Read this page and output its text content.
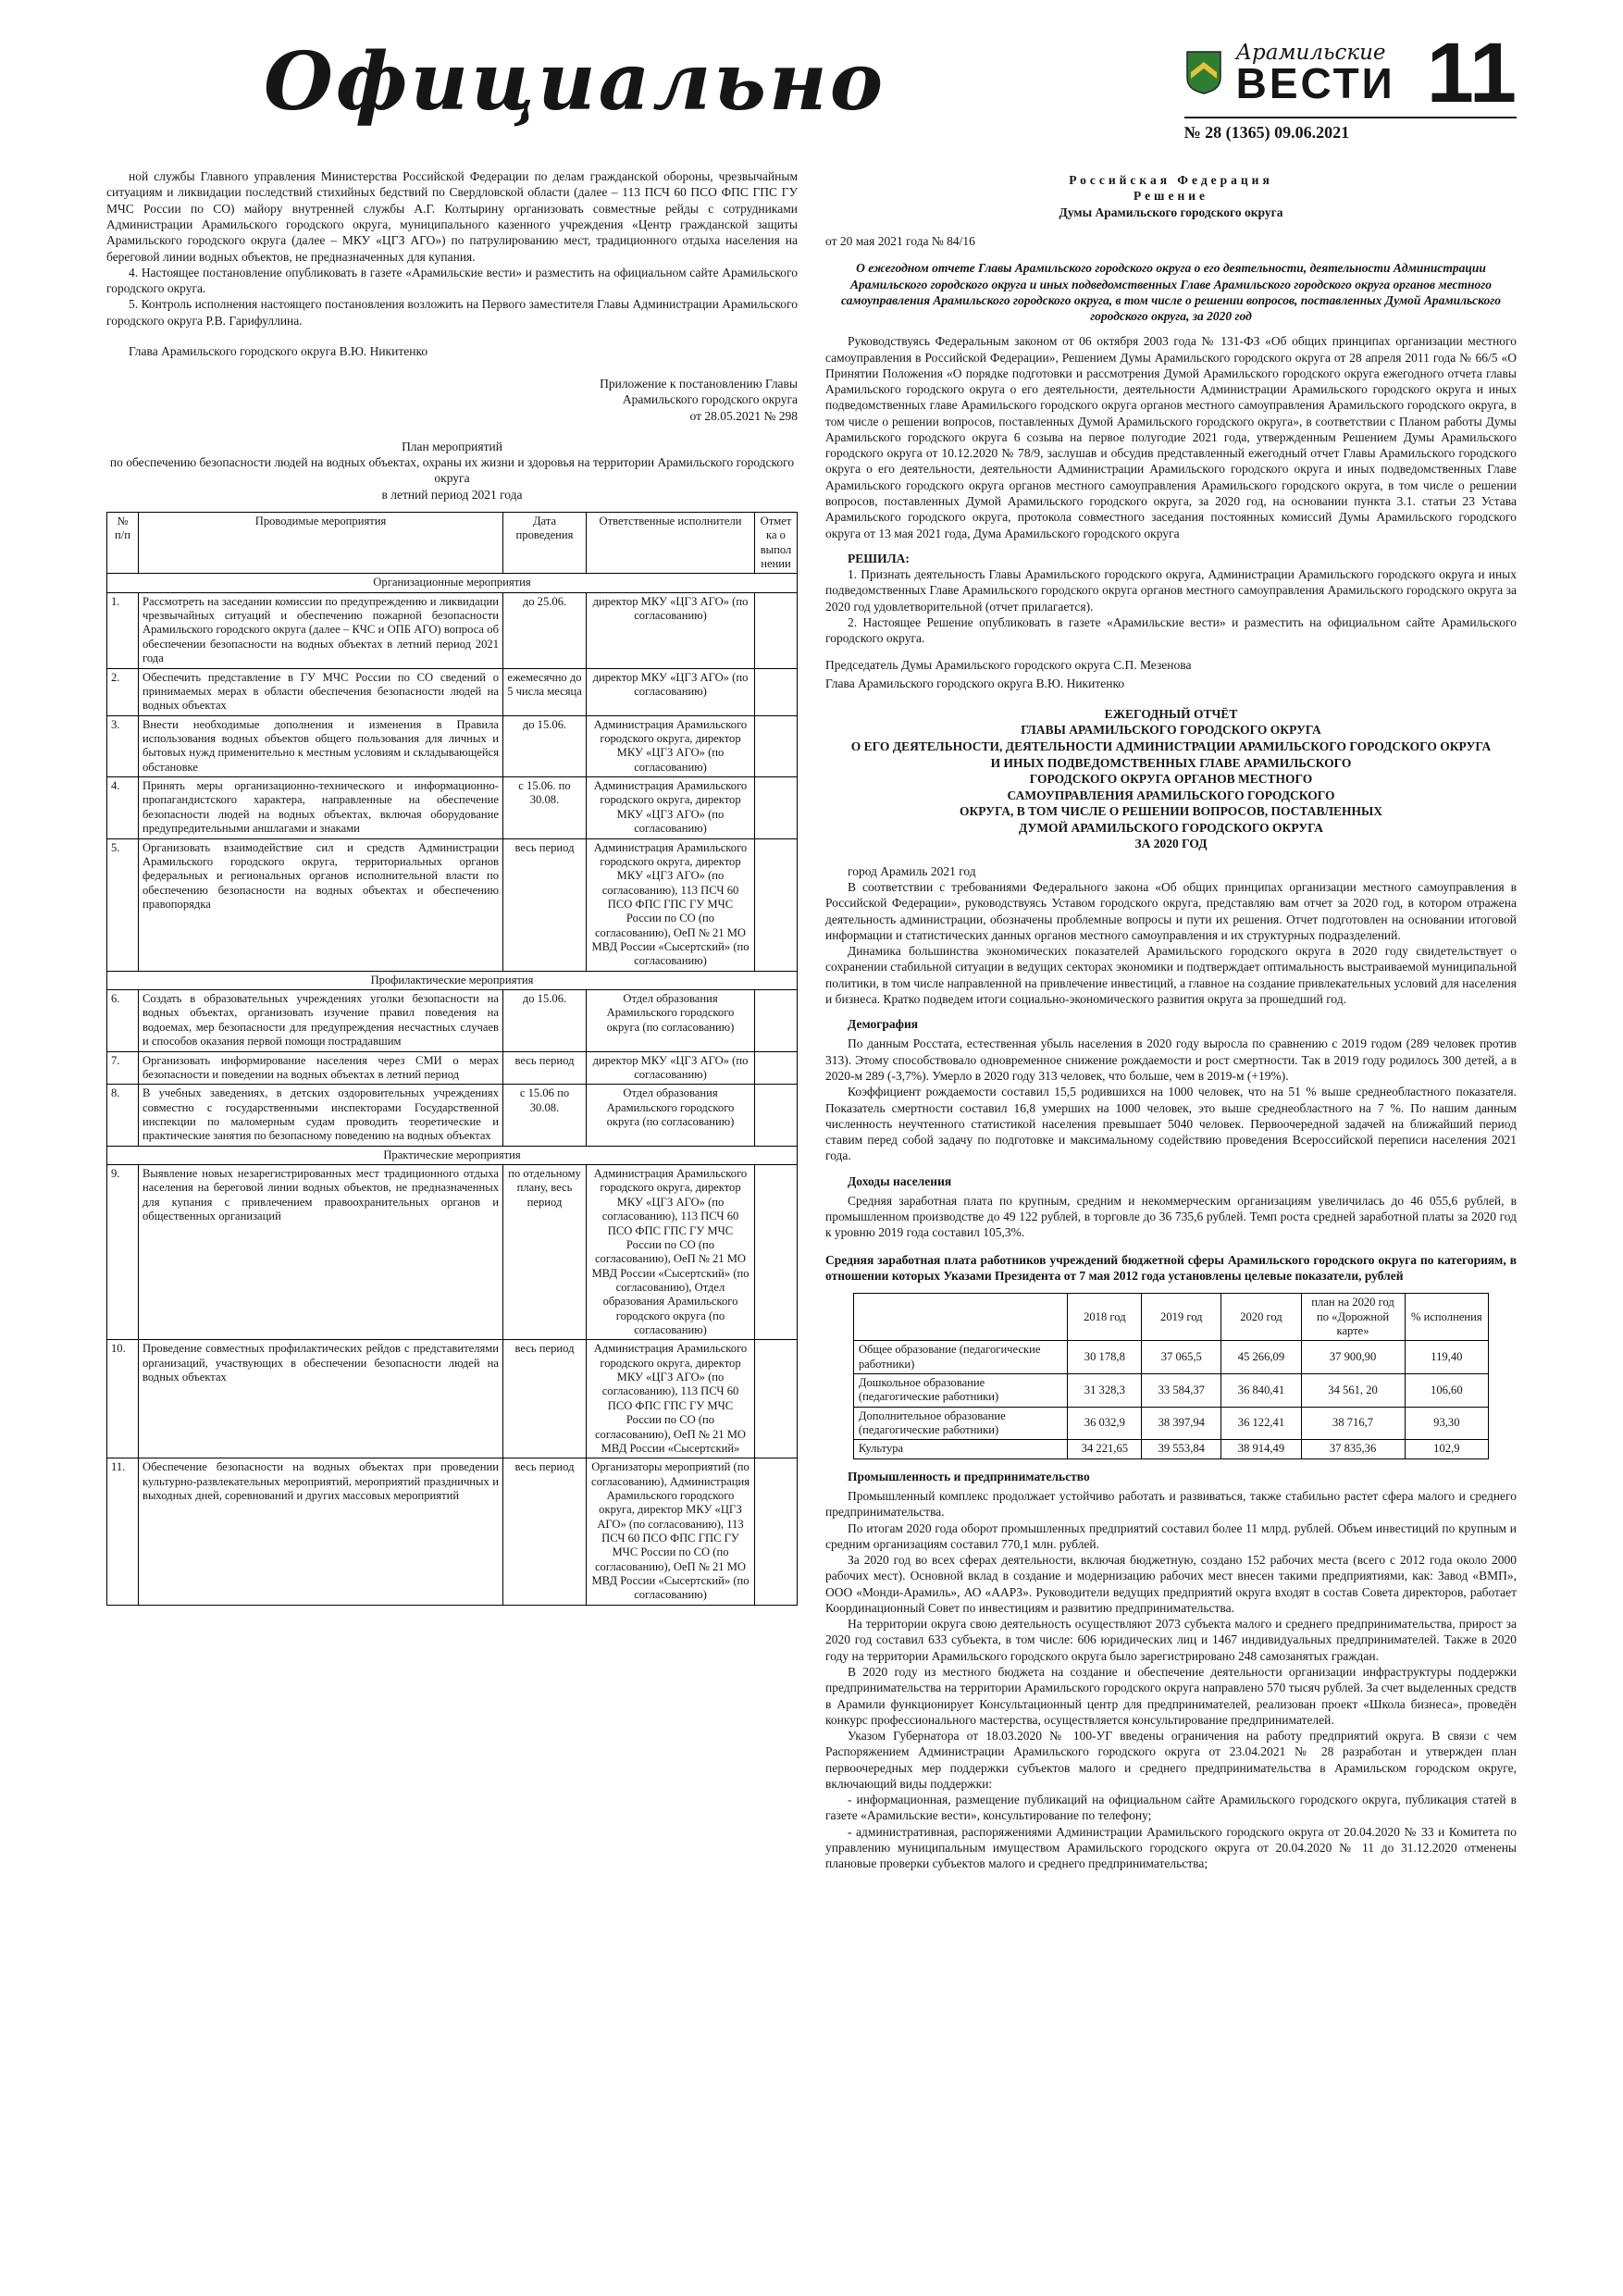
Официально	Арамильские
ВЕСТИ 11
№ 28 (1365) 09.06.2021

ной службы Главного управления Министерства Российской Федерации по делам гражданской обороны, чрезвычайным ситуациям и ликвидации последствий стихийных бедствий по Свердловской области (далее – 113 ПСЧ 60 ПСО ФПС ГПС ГУ МЧС России по СО) майору внутренней службы А.Г. Колтырину организовать совместные рейды с сотрудниками Администрации Арамильского городского округа, муниципального казенного учреждения «Центр гражданской защиты Арамильского городского округа (далее – МКУ «ЦГЗ АГО») по патрулированию мест, традиционного отдыха населения на береговой линии водных объектов, не предназначенных для купания.

4. Настоящее постановление опубликовать в газете «Арамильские вести» и разместить на официальном сайте Арамильского городского округа.

5. Контроль исполнения настоящего постановления возложить на Первого заместителя Главы Администрации Арамильского городского округа Р.В. Гарифуллина.

Глава Арамильского городского округа В.Ю. Никитенко

Приложение к постановлению Главы
Арамильского городского округа
от 28.05.2021 № 298
План мероприятий
по обеспечению безопасности людей на водных объектах, охраны их жизни и здоровья на территории Арамильского городского округа
в летний период 2021 года
№ п/п	Проводимые мероприятия	Дата проведения	Ответственные исполнители	Отметка о выполнении
Организационные мероприятия				
1.	Рассмотреть на заседании комиссии по предупреждению и ликвидации чрезвычайных ситуаций и обеспечению пожарной безопасности Арамильского городского округа (далее – КЧС и ОПБ АГО) вопроса об обеспечении безопасности на водных объектах в летний период 2021 года	до 25.06.	директор МКУ «ЦГЗ АГО» (по согласованию)	
2.	Обеспечить представление в ГУ МЧС России по СО сведений о принимаемых мерах в области обеспечения безопасности людей на водных объектах	ежемесячно до 5 числа месяца	директор МКУ «ЦГЗ АГО» (по согласованию)	
3.	Внести необходимые дополнения и изменения в Правила использования водных объектов общего пользования для личных и бытовых нужд применительно к местным условиям и складывающейся обстановке	до 15.06.	Администрация Арамильского городского округа, директор МКУ «ЦГЗ АГО» (по согласованию)	
4.	Принять меры организационно-технического и информационно-пропагандистского характера, направленные на обеспечение безопасности людей на водных объектах, включая оборудование предупредительными аншлагами и знаками	с 15.06. по 30.08.	Администрация Арамильского городского округа, директор МКУ «ЦГЗ АГО» (по согласованию)	
5.	Организовать взаимодействие сил и средств Администрации Арамильского городского округа, территориальных органов федеральных и региональных органов исполнительной власти по обеспечению безопасности на водных объектах и обеспечению правопорядка	весь период	Администрация Арамильского городского округа, директор МКУ «ЦГЗ АГО» (по согласованию), 113 ПСЧ 60 ПСО ФПС ГПС ГУ МЧС России по СО (по согласованию), ОеП № 21 МО МВД России «Сысертский» (по согласованию)	
Профилактические мероприятия				
6.	Создать в образовательных учреждениях уголки безопасности на водных объектах, организовать изучение правил поведения на водоемах, мер безопасности для предупреждения несчастных случаев и способов оказания первой помощи пострадавшим	до 15.06.	Отдел образования Арамильского городского округа (по согласованию)	
7.	Организовать информирование населения через СМИ о мерах безопасности и поведении на водных объектах в летний период	весь период	директор МКУ «ЦГЗ АГО» (по согласованию)	
8.	В учебных заведениях, в детских оздоровительных учреждениях совместно с государственными инспекторами Государственной инспекции по маломерным судам проводить теоретические и практические занятия по безопасному поведению на водных объектах	с 15.06 по 30.08.	Отдел образования Арамильского городского округа (по согласованию)	
Практические мероприятия				
9.	Выявление новых незарегистрированных мест традиционного отдыха населения на береговой линии водных объектов, не предназначенных для купания с привлечением правоохранительных органов и общественных организаций	по отдельному плану, весь период	Администрация Арамильского городского округа, директор МКУ «ЦГЗ АГО» (по согласованию), 113 ПСЧ 60 ПСО ФПС ГПС ГУ МЧС России по СО (по согласованию), ОеП № 21 МО МВД России «Сысертский» (по согласованию), Отдел образования Арамильского городского округа (по согласованию)	
10.	Проведение совместных профилактических рейдов с представителями организаций, участвующих в обеспечении безопасности людей на водных объектах	весь период	Администрация Арамильского городского округа, директор МКУ «ЦГЗ АГО» (по согласованию), 113 ПСЧ 60 ПСО ФПС ГПС ГУ МЧС России по СО (по согласованию), ОеП № 21 МО МВД России «Сысертский»	
11.	Обеспечение безопасности на водных объектах при проведении культурно-развлекательных мероприятий, мероприятий праздничных и выходных дней, соревнований и других массовых мероприятий	весь период	Организаторы мероприятий (по согласованию), Администрация Арамильского городского округа, директор МКУ «ЦГЗ АГО» (по согласованию), 113 ПСЧ 60 ПСО ФПС ГПС ГУ МЧС России по СО (по согласованию), ОеП № 21 МО МВД России «Сысертский» (по согласованию)	
Российская Федерация
Решение
Думы Арамильского городского округа

от 20 мая 2021 года № 84/16

О ежегодном отчете Главы Арамильского городского округа о его деятельности, деятельности Администрации Арамильского городского округа и иных подведомственных Главе Арамильского городского округа органов местного самоуправления Арамильского городского округа, в том числе о решении вопросов, поставленных Думой Арамильского городского округа, за 2020 год

Руководствуясь Федеральным законом от 06 октября 2003 года № 131-ФЗ «Об общих принципах организации местного самоуправления в Российской Федерации», Решением Думы Арамильского городского округа от 28 апреля 2011 года № 66/5 «О Принятии Положения «О порядке подготовки и рассмотрения Думой Арамильского городского округа ежегодного отчета главы Арамильского городского округа о его деятельности, деятельности Администрации Арамильского городского округа и иных подведомственных главе Арамильского городского округа органов местного самоуправления Арамильского городского округа, в том числе о решении вопросов, поставленных Думой Арамильского городского округа», в соответствии с Планом работы Думы Арамильского городского округа 6 созыва на первое полугодие 2021 года, утвержденным Решением Думы Арамильского городского округа от 10.12.2020 № 78/9, заслушав и обсудив представленный ежегодный отчет Главы Арамильского городского округа о его деятельности, деятельности Администрации Арамильского городского округа и иных подведомственных Главе Арамильского городского округа органов местного самоуправления Арамильского городского округа, в том числе о решении вопросов, поставленных Думой Арамильского городского округа, за 2020 год, на основании пункта 3.1. статьи 23 Устава Арамильского городского округа, протокола совместного заседания постоянных комиссий Думы Арамильского городского округа от 13 мая 2021 года, Дума Арамильского городского округа

РЕШИЛА:

1. Признать деятельность Главы Арамильского городского округа, Администрации Арамильского городского округа и иных подведомственных Главе Арамильского городского округа органов местного самоуправления Арамильского городского округа за 2020 год удовлетворительной (отчет прилагается).

2. Настоящее Решение опубликовать в газете «Арамильские вести» и разместить на официальном сайте Арамильского городского округа.

Председатель Думы Арамильского городского округа С.П. Мезенова

Глава Арамильского городского округа В.Ю. Никитенко

ЕЖЕГОДНЫЙ ОТЧЁТ
ГЛАВЫ АРАМИЛЬСКОГО ГОРОДСКОГО ОКРУГА
О ЕГО ДЕЯТЕЛЬНОСТИ, ДЕЯТЕЛЬНОСТИ АДМИНИСТРАЦИИ АРАМИЛЬСКОГО ГОРОДСКОГО ОКРУГА
И ИНЫХ ПОДВЕДОМСТВЕННЫХ ГЛАВЕ АРАМИЛЬСКОГО
ГОРОДСКОГО ОКРУГА ОРГАНОВ МЕСТНОГО
САМОУПРАВЛЕНИЯ АРАМИЛЬСКОГО ГОРОДСКОГО
ОКРУГА, В ТОМ ЧИСЛЕ О РЕШЕНИИ ВОПРОСОВ, ПОСТАВЛЕННЫХ
ДУМОЙ АРАМИЛЬСКОГО ГОРОДСКОГО ОКРУГА
ЗА 2020 ГОД

город Арамиль 2021 год

В соответствии с требованиями Федерального закона «Об общих принципах организации местного самоуправления в Российской Федерации», руководствуясь Уставом городского округа, представляю вам отчет за 2020 год, в котором отражена деятельность администрации, обозначены проблемные вопросы и пути их решения. Отчет подготовлен на основании итоговой информации и статистических данных органов местного самоуправления и их структурных подразделений.

Динамика большинства экономических показателей Арамильского городского округа в 2020 году свидетельствует о сохранении стабильной ситуации в ведущих секторах экономики и подтверждает оптимальность выстраиваемой муниципальной политики, в том числе направленной на привлечение инвестиций, а главное на создание привлекательных условий для населения и бизнеса. Кратко подведем итоги социально-экономического развития округа за прошедший год.

Демография

По данным Росстата, естественная убыль населения в 2020 году выросла по сравнению с 2019 годом (289 человек против 313). Этому способствовало одновременное снижение рождаемости и рост смертности. Так в 2019 году родилось 300 детей, а в 2020-м 289 (-3,7%). Умерло в 2020 году 313 человек, что больше, чем в 2019-м (+19%).

Коэффициент рождаемости составил 15,5 родившихся на 1000 человек, что на 51 % выше среднеобластного показателя. Показатель смертности составил 16,8 умерших на 1000 человек, это выше среднеобластного на 7 %. По нашим данным численность неучтенного статистикой населения превышает 5040 человек. Первоочередной задачей на ближайший период ставим перед собой задачу по подготовке и максимальному содействию проведения Всероссийской переписи населения 2021 года.

Доходы населения

Средняя заработная плата по крупным, средним и некоммерческим организациям увеличилась до 46 055,6 рублей, в промышленном производстве до 49 122 рублей, в торговле до 36 735,6 рублей. Темп роста средней заработной платы за 2020 год к уровню 2019 года составил 105,3%.

Средняя заработная плата работников учреждений бюджетной сферы Арамильского городского округа по категориям, в отношении которых Указами Президента от 7 мая 2012 года установлены целевые показатели, рублей
	2018 год	2019 год	2020 год	план на 2020 год по «Дорожной карте»	% исполнения
Общее образование (педагогические работники)	30 178,8	37 065,5	45 266,09	37 900,90	119,40
Дошкольное образование (педагогические работники)	31 328,3	33 584,37	36 840,41	34 561, 20	106,60
Дополнительное образование (педагогические работники)	36 032,9	38 397,94	36 122,41	38 716,7	93,30
Культура	34 221,65	39 553,84	38 914,49	37 835,36	102,9

Промышленность и предпринимательство

Промышленный комплекс продолжает устойчиво работать и развиваться, также стабильно растет сфера малого и среднего предпринимательства.

По итогам 2020 года оборот промышленных предприятий составил более 11 млрд. рублей. Объем инвестиций по крупным и средним организациям составил 770,1 млн. рублей.

За 2020 год во всех сферах деятельности, включая бюджетную, создано 152 рабочих места (всего с 2012 года около 2000 рабочих мест). Основной вклад в создание и модернизацию рабочих мест внесен такими предприятиями, как: Завод «ВМП», ООО «Монди-Арамиль», АО «ААРЗ». Руководители ведущих предприятий округа входят в состав Совета директоров, работает Координационный Совет по инвестициям и развитию предпринимательства.

На территории округа свою деятельность осуществляют 2073 субъекта малого и среднего предпринимательства, прирост за 2020 год составил 633 субъекта, в том числе: 606 юридических лиц и 1467 индивидуальных предпринимателей. Также в 2020 году на территории Арамильского городского округа было зарегистрировано 248 самозанятых граждан.

В 2020 году из местного бюджета на создание и обеспечение деятельности организации инфраструктуры поддержки предпринимательства на территории Арамильского городского округа направлено 570 тысяч рублей. За счет выделенных средств в Арамили функционирует Консультационный центр для предпринимателей, реализован проект «Школа бизнеса», проведён конкурс профессионального мастерства, осуществляется консультирование предпринимателей.

Указом Губернатора от 18.03.2020 № 100-УГ введены ограничения на работу предприятий округа. В связи с чем Распоряжением Администрации Арамильского городского округа от 23.04.2021 № 28 разработан и утвержден план первоочередных мер поддержки субъектов малого и среднего предпринимательства в Арамильском городском округе, включающий виды поддержки:

- информационная, размещение публикаций на официальном сайте Арамильского городского округа, публикация статей в газете «Арамильские вести», консультирование по телефону;

- административная, распоряжениями Администрации Арамильского городского округа от 20.04.2020 № 33 и Комитета по управлению муниципальным имуществом Арамильского городского округа от 20.04.2020 № 11 до 31.12.2020 отменены плановые проверки субъектов малого и среднего предпринимательства;
